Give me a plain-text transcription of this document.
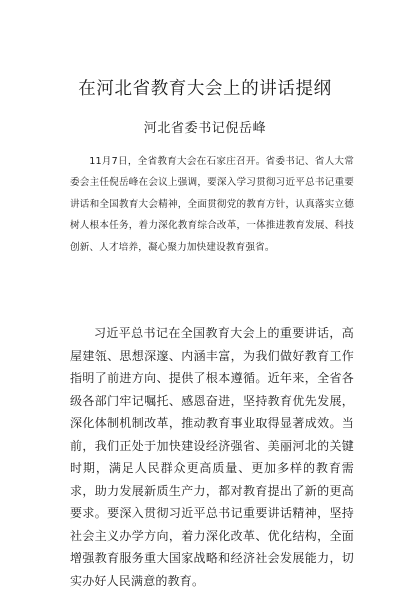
在河北省教育大会上的讲话提纲
河北省委书记倪岳峰

11月7日，全省教育大会在石家庄召开。省委书记、省人大常委会主任倪岳峰在会议上强调，要深入学习贯彻习近平总书记重要讲话和全国教育大会精神，全面贯彻党的教育方针，认真落实立德树人根本任务，着力深化教育综合改革，一体推进教育发展、科技创新、人才培养，凝心聚力加快建设教育强省。

习近平总书记在全国教育大会上的重要讲话，高屋建瓴、思想深邃、内涵丰富，为我们做好教育工作指明了前进方向、提供了根本遵循。近年来，全省各级各部门牢记嘱托、感恩奋进，坚持教育优先发展，深化体制机制改革，推动教育事业取得显著成效。当前，我们正处于加快建设经济强省、美丽河北的关键时期，满足人民群众更高质量、更加多样的教育需求，助力发展新质生产力，都对教育提出了新的更高要求。要深入贯彻习近平总书记重要讲话精神，坚持社会主义办学方向，着力深化改革、优化结构，全面增强教育服务重大国家战略和经济社会发展能力，切实办好人民满意的教育。
